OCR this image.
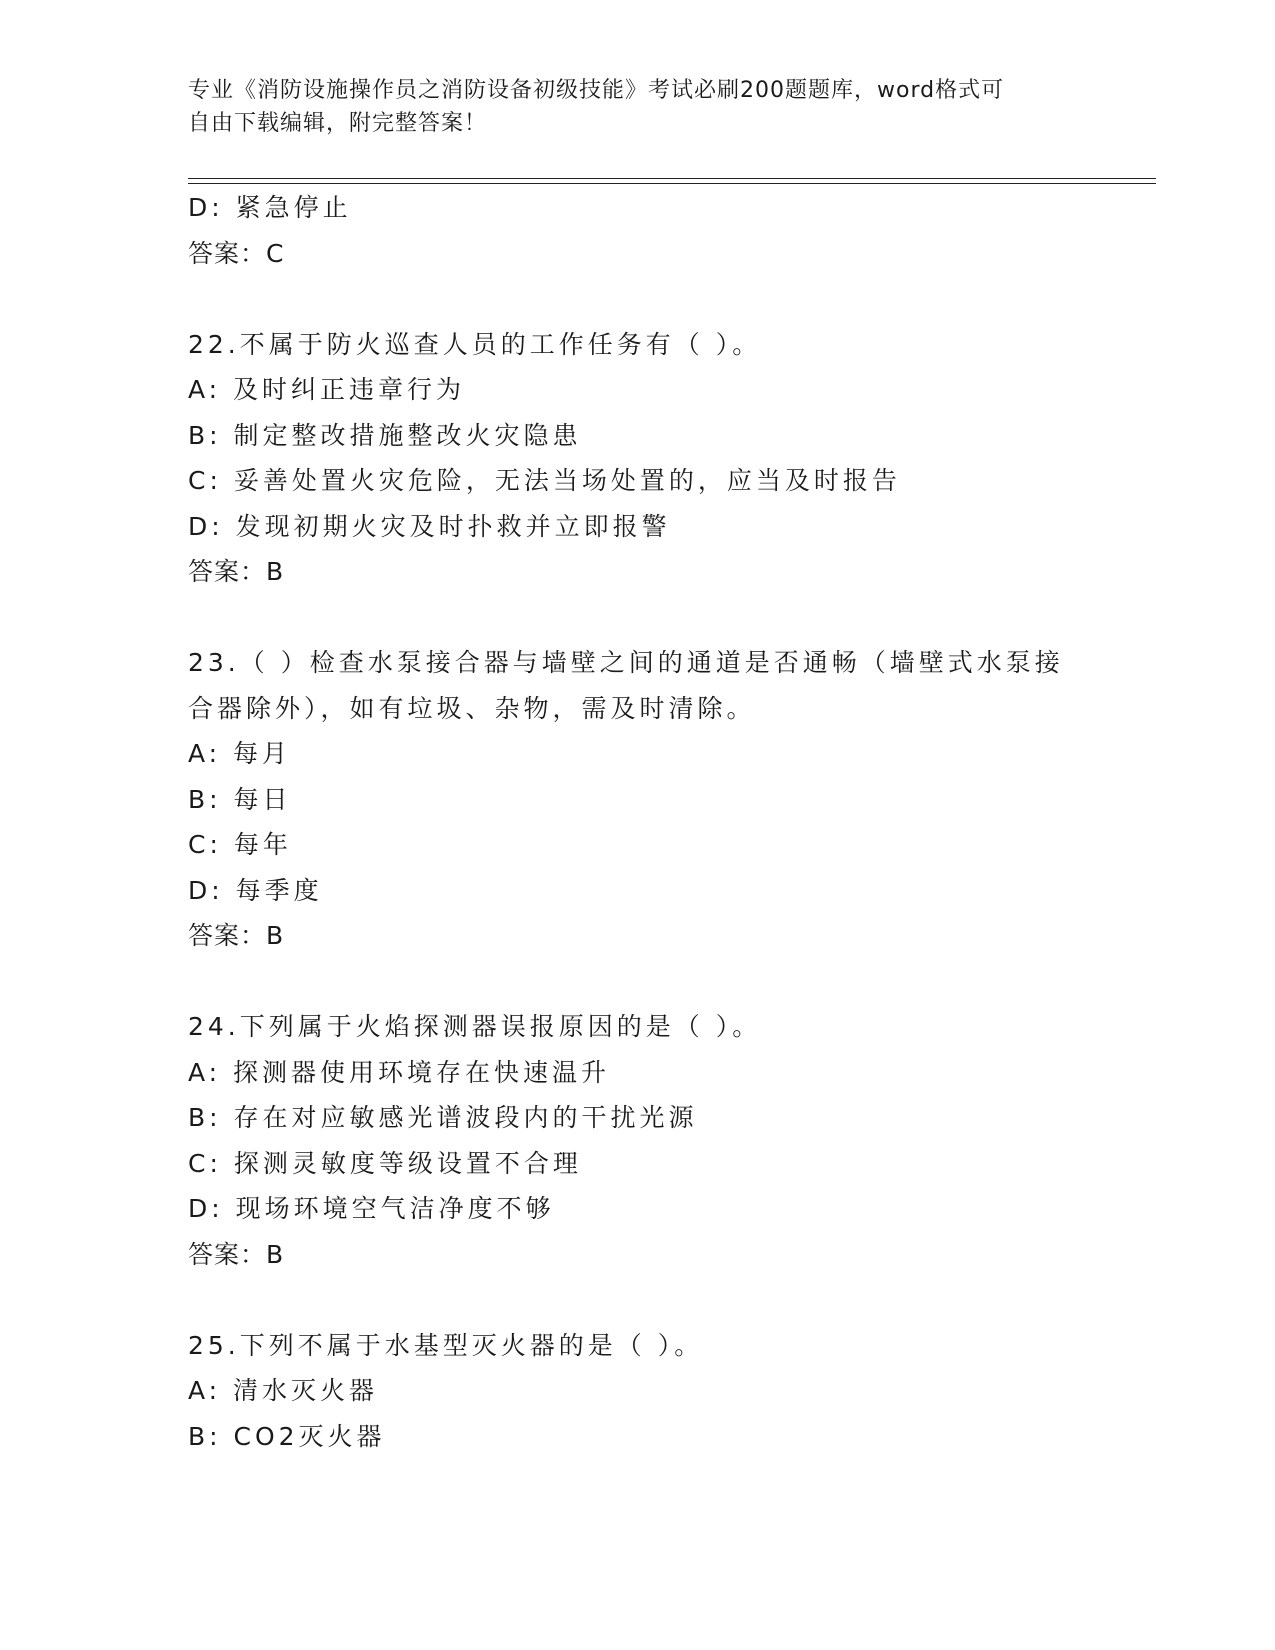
专业《消防设施操作员之消防设备初级技能》考试必刷200题题库，word格式可
自由下载编辑，附完整答案！
D: 紧急停止
答案：C
22.不属于防火巡查人员的工作任务有（ ）。
A: 及时纠正违章行为
B: 制定整改措施整改火灾隐患
C: 妥善处置火灾危险，无法当场处置的，应当及时报告
D: 发现初期火灾及时扑救并立即报警
答案：B
23.（ ）检查水泵接合器与墙壁之间的通道是否通畅（墙壁式水泵接
合器除外），如有垃圾、杂物，需及时清除。
A: 每月
B: 每日
C: 每年
D: 每季度
答案：B
24.下列属于火焰探测器误报原因的是（ ）。
A: 探测器使用环境存在快速温升
B: 存在对应敏感光谱波段内的干扰光源
C: 探测灵敏度等级设置不合理
D: 现场环境空气洁净度不够
答案：B
25.下列不属于水基型灭火器的是（ ）。
A: 清水灭火器
B: CO2灭火器
